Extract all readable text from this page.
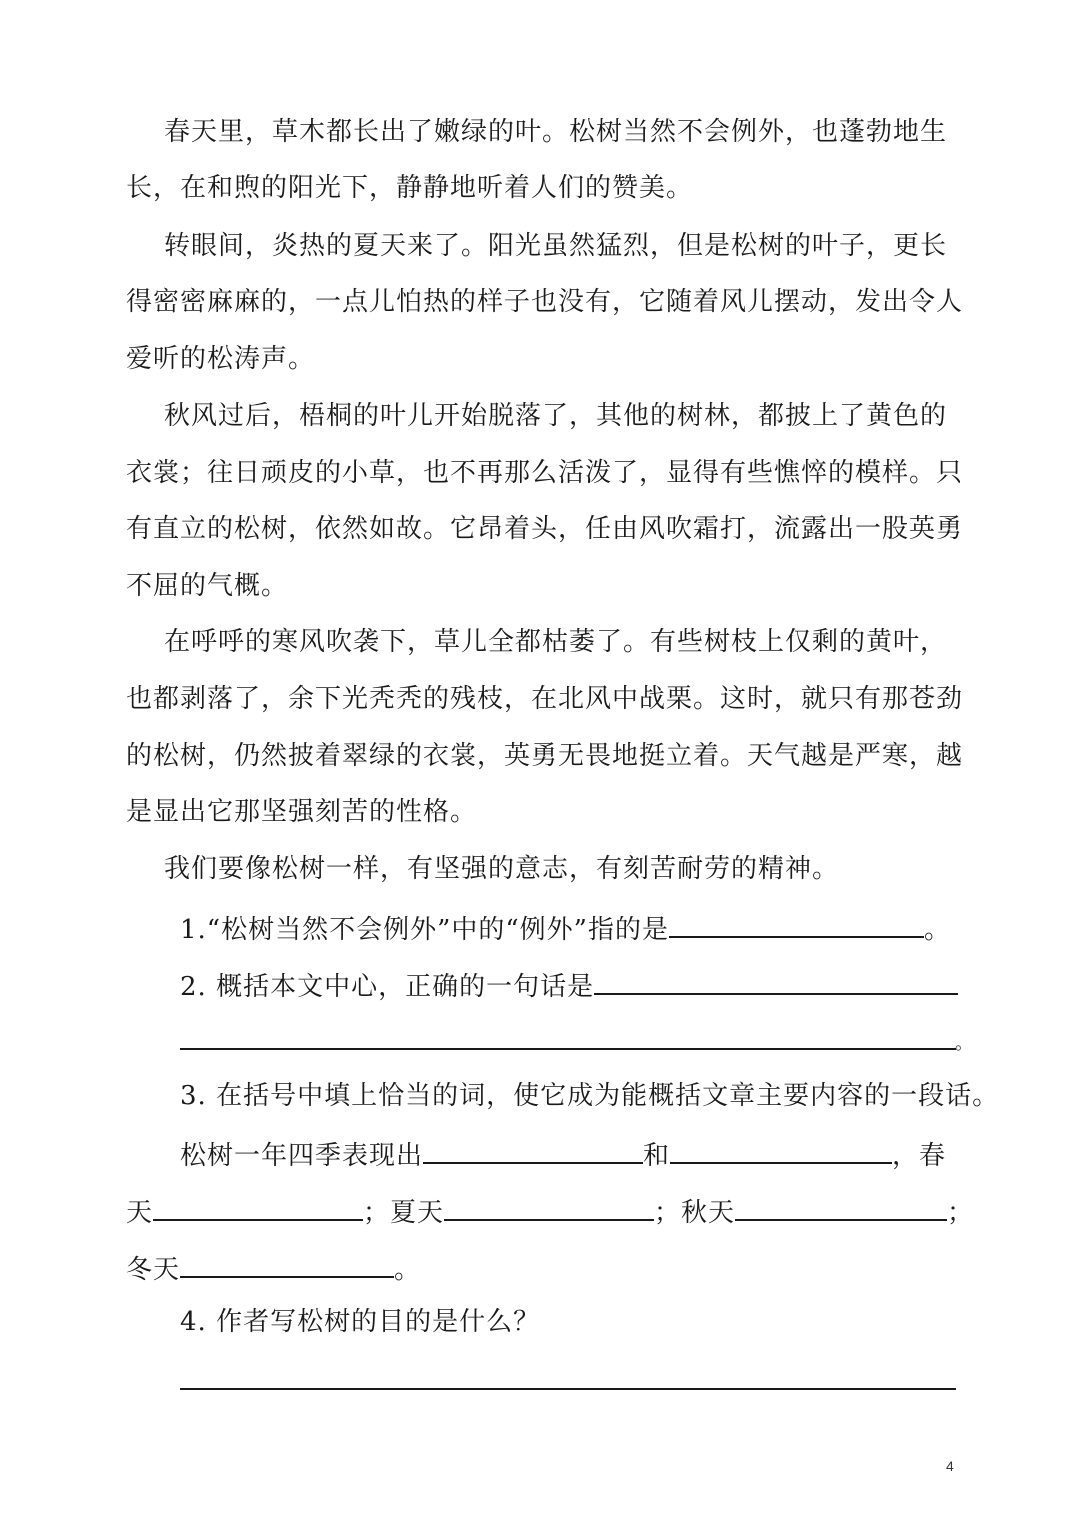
春天里，草木都长出了嫩绿的叶。松树当然不会例外，也蓬勃地生
长，在和煦的阳光下，静静地听着人们的赞美。
转眼间，炎热的夏天来了。阳光虽然猛烈，但是松树的叶子，更长
得密密麻麻的，一点儿怕热的样子也没有，它随着风儿摆动，发出令人
爱听的松涛声。
秋风过后，梧桐的叶儿开始脱落了，其他的树林，都披上了黄色的
衣裳；往日顽皮的小草，也不再那么活泼了，显得有些憔悴的模样。只
有直立的松树，依然如故。它昂着头，任由风吹霜打，流露出一股英勇
不屈的气概。
在呼呼的寒风吹袭下，草儿全都枯萎了。有些树枝上仅剩的黄叶，
也都剥落了，余下光秃秃的残枝，在北风中战栗。这时，就只有那苍劲
的松树，仍然披着翠绿的衣裳，英勇无畏地挺立着。天气越是严寒，越
是显出它那坚强刻苦的性格。
我们要像松树一样，有坚强的意志，有刻苦耐劳的精神。
1.“松树当然不会例外”中的“例外”指的是	。
2. 概括本文中心，正确的一句话是
。
3. 在括号中填上恰当的词，使它成为能概括文章主要内容的一段话。
松树一年四季表现出	和	，春
天	；夏天	；秋天	；
冬天	。
4. 作者写松树的目的是什么？
4
